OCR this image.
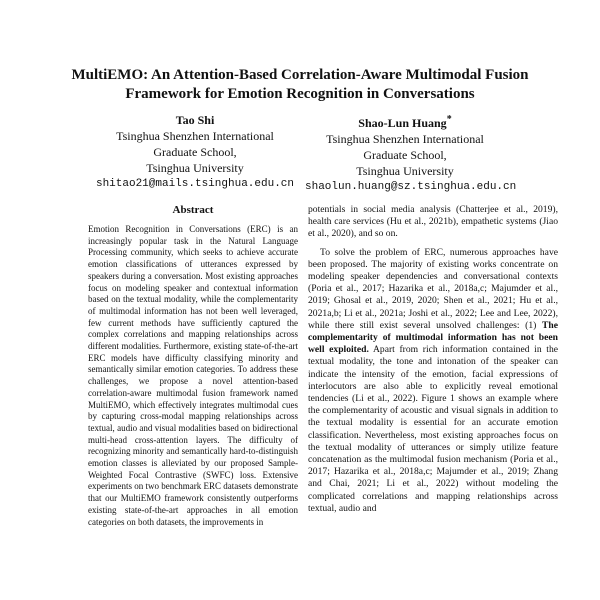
MultiEMO: An Attention-Based Correlation-Aware Multimodal Fusion Framework for Emotion Recognition in Conversations
Tao Shi
Tsinghua Shenzhen International
Graduate School,
Tsinghua University
shitao21@mails.tsinghua.edu.cn
Shao-Lun Huang*
Tsinghua Shenzhen International
Graduate School,
Tsinghua University
shaolun.huang@sz.tsinghua.edu.cn
Abstract
Emotion Recognition in Conversations (ERC) is an increasingly popular task in the Natural Language Processing community, which seeks to achieve accurate emotion classifications of utterances expressed by speakers during a conversation. Most existing approaches focus on modeling speaker and contextual information based on the textual modality, while the complementarity of multimodal information has not been well leveraged, few current methods have sufficiently captured the complex correlations and mapping relationships across different modalities. Furthermore, existing state-of-the-art ERC models have difficulty classifying minority and semantically similar emotion categories. To address these challenges, we propose a novel attention-based correlation-aware multimodal fusion framework named MultiEMO, which effectively integrates multimodal cues by capturing cross-modal mapping relationships across textual, audio and visual modalities based on bidirectional multi-head cross-attention layers. The difficulty of recognizing minority and semantically hard-to-distinguish emotion classes is alleviated by our proposed Sample-Weighted Focal Contrastive (SWFC) loss. Extensive experiments on two benchmark ERC datasets demonstrate that our MultiEMO framework consistently outperforms existing state-of-the-art approaches in all emotion categories on both datasets, the improvements in

potentials in social media analysis (Chatterjee et al., 2019), health care services (Hu et al., 2021b), empathetic systems (Jiao et al., 2020), and so on.

To solve the problem of ERC, numerous approaches have been proposed. The majority of existing works concentrate on modeling speaker dependencies and conversational contexts (Poria et al., 2017; Hazarika et al., 2018a,c; Majumder et al., 2019; Ghosal et al., 2019, 2020; Shen et al., 2021; Hu et al., 2021a,b; Li et al., 2021a; Joshi et al., 2022; Lee and Lee, 2022), while there still exist several unsolved challenges: (1) The complementarity of multimodal information has not been well exploited. Apart from rich information contained in the textual modality, the tone and intonation of the speaker can indicate the intensity of the emotion, facial expressions of interlocutors are also able to explicitly reveal emotional tendencies (Li et al., 2022). Figure 1 shows an example where the complementarity of acoustic and visual signals in addition to the textual modality is essential for an accurate emotion classification. Nevertheless, most existing approaches focus on the textual modality of utterances or simply utilize feature concatenation as the multimodal fusion mechanism (Poria et al., 2017; Hazarika et al., 2018a,c; Majumder et al., 2019; Zhang and Chai, 2021; Li et al., 2022) without modeling the complicated correlations and mapping relationships across textual, audio and
